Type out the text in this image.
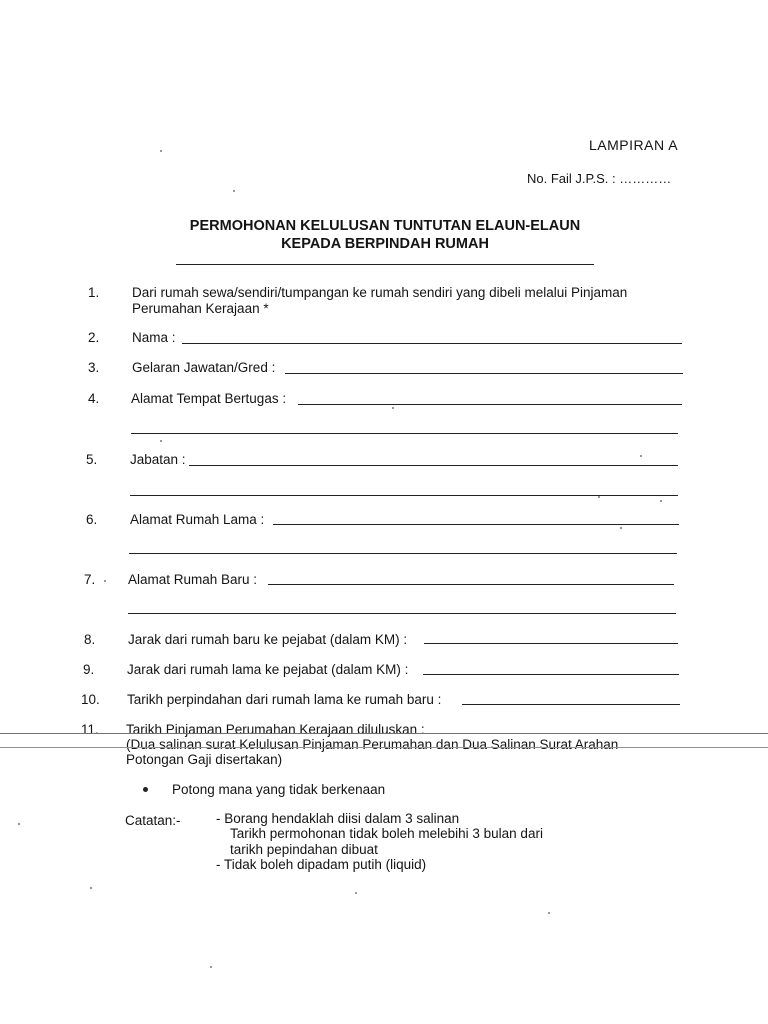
LAMPIRAN A
No. Fail J.P.S. : …………
PERMOHONAN KELULUSAN TUNTUTAN ELAUN-ELAUN
KEPADA BERPINDAH RUMAH
1. Dari rumah sewa/sendiri/tumpangan ke rumah sendiri yang dibeli melalui Pinjaman
Perumahan Kerajaan *
2. Nama :
3. Gelaran Jawatan/Gred :
4. Alamat Tempat Bertugas :
5. Jabatan :
6. Alamat Rumah Lama :
7. Alamat Rumah Baru :
8. Jarak dari rumah baru ke pejabat (dalam KM) :
9. Jarak dari rumah lama ke pejabat (dalam KM) :
10. Tarikh perpindahan dari rumah lama ke rumah baru :
11. Tarikh Pinjaman Perumahan Kerajaan diluluskan :
(Dua salinan surat Kelulusan Pinjaman Perumahan dan Dua Salinan Surat Arahan
Potongan Gaji disertakan)
Potong mana yang tidak berkenaan
Catatan:-	- Borang hendaklah diisi dalam 3 salinan
Tarikh permohonan tidak boleh melebihi 3 bulan dari
tarikh pepindahan dibuat
- Tidak boleh dipadam putih (liquid)
